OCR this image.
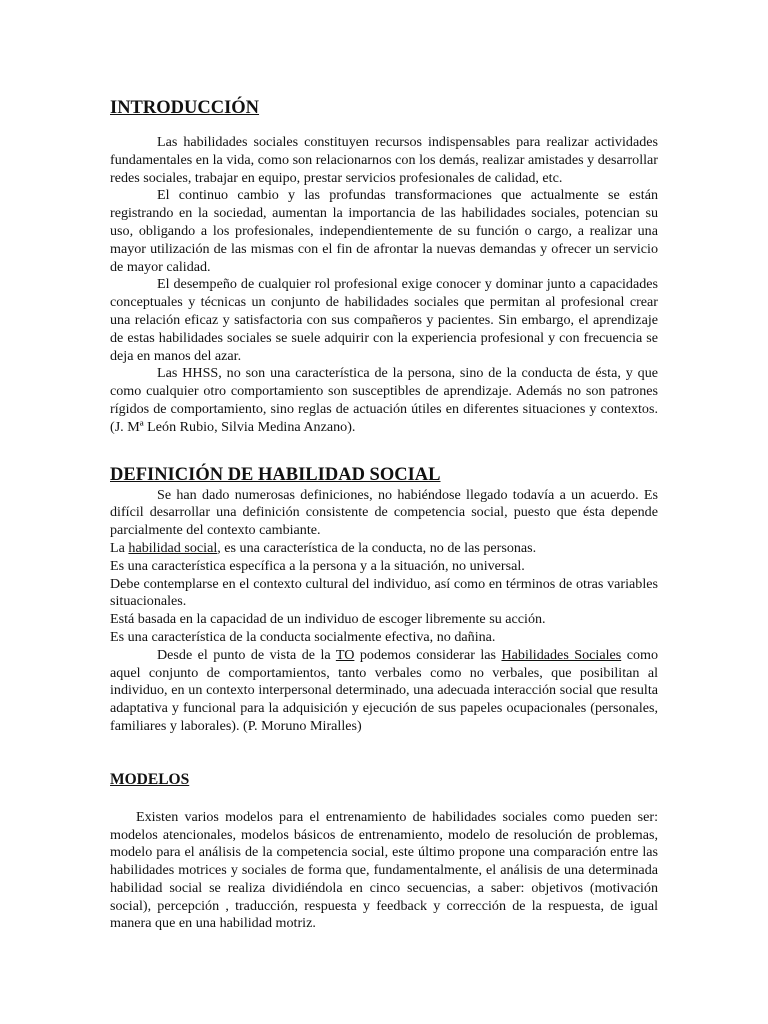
INTRODUCCIÓN

Las habilidades sociales constituyen recursos indispensables para realizar actividades fundamentales en la vida, como son relacionarnos con los demás, realizar amistades y desarrollar redes sociales, trabajar en equipo, prestar servicios profesionales de calidad, etc.

El continuo cambio y las profundas transformaciones que actualmente se están registrando en la sociedad, aumentan la importancia de las habilidades sociales, potencian su uso, obligando a los profesionales, independientemente de su función o cargo, a realizar una mayor utilización de las mismas con el fin de afrontar la nuevas demandas y ofrecer un servicio de mayor calidad.

El desempeño de cualquier rol profesional exige conocer y dominar junto a capacidades conceptuales y técnicas un conjunto de habilidades sociales que permitan al profesional crear una relación eficaz y satisfactoria con sus compañeros y pacientes. Sin embargo, el aprendizaje de estas habilidades sociales se suele adquirir con la experiencia profesional y con frecuencia se deja en manos del azar.

Las HHSS, no son una característica de la persona, sino de la conducta de ésta, y que como cualquier otro comportamiento son susceptibles de aprendizaje. Además no son patrones rígidos de comportamiento, sino reglas de actuación útiles en diferentes situaciones y contextos. (J. Mª León Rubio, Silvia Medina Anzano).

DEFINICIÓN DE HABILIDAD SOCIAL

Se han dado numerosas definiciones, no habiéndose llegado todavía a un acuerdo. Es difícil desarrollar una definición consistente de competencia social, puesto que ésta depende parcialmente del contexto cambiante.

La habilidad social, es una característica de la conducta, no de las personas.

Es una característica específica a la persona y a la situación, no universal.

Debe contemplarse en el contexto cultural del individuo, así como en términos de otras variables situacionales.

Está basada en la capacidad de un individuo de escoger libremente su acción.

Es una característica de la conducta socialmente efectiva, no dañina.

Desde el punto de vista de la TO podemos considerar las Habilidades Sociales como aquel conjunto de comportamientos, tanto verbales como no verbales, que posibilitan al individuo, en un contexto interpersonal determinado, una adecuada interacción social que resulta adaptativa y funcional para la adquisición y ejecución de sus papeles ocupacionales (personales, familiares y laborales). (P. Moruno Miralles)

MODELOS

Existen varios modelos para el entrenamiento de habilidades sociales como pueden ser: modelos atencionales, modelos básicos de entrenamiento, modelo de resolución de problemas, modelo para el análisis de la competencia social, este último propone una comparación entre las habilidades motrices y sociales de forma que, fundamentalmente, el análisis de una determinada habilidad social se realiza dividiéndola en cinco secuencias, a saber: objetivos (motivación social), percepción , traducción, respuesta y feedback y corrección de la respuesta, de igual manera que en una habilidad motriz.
